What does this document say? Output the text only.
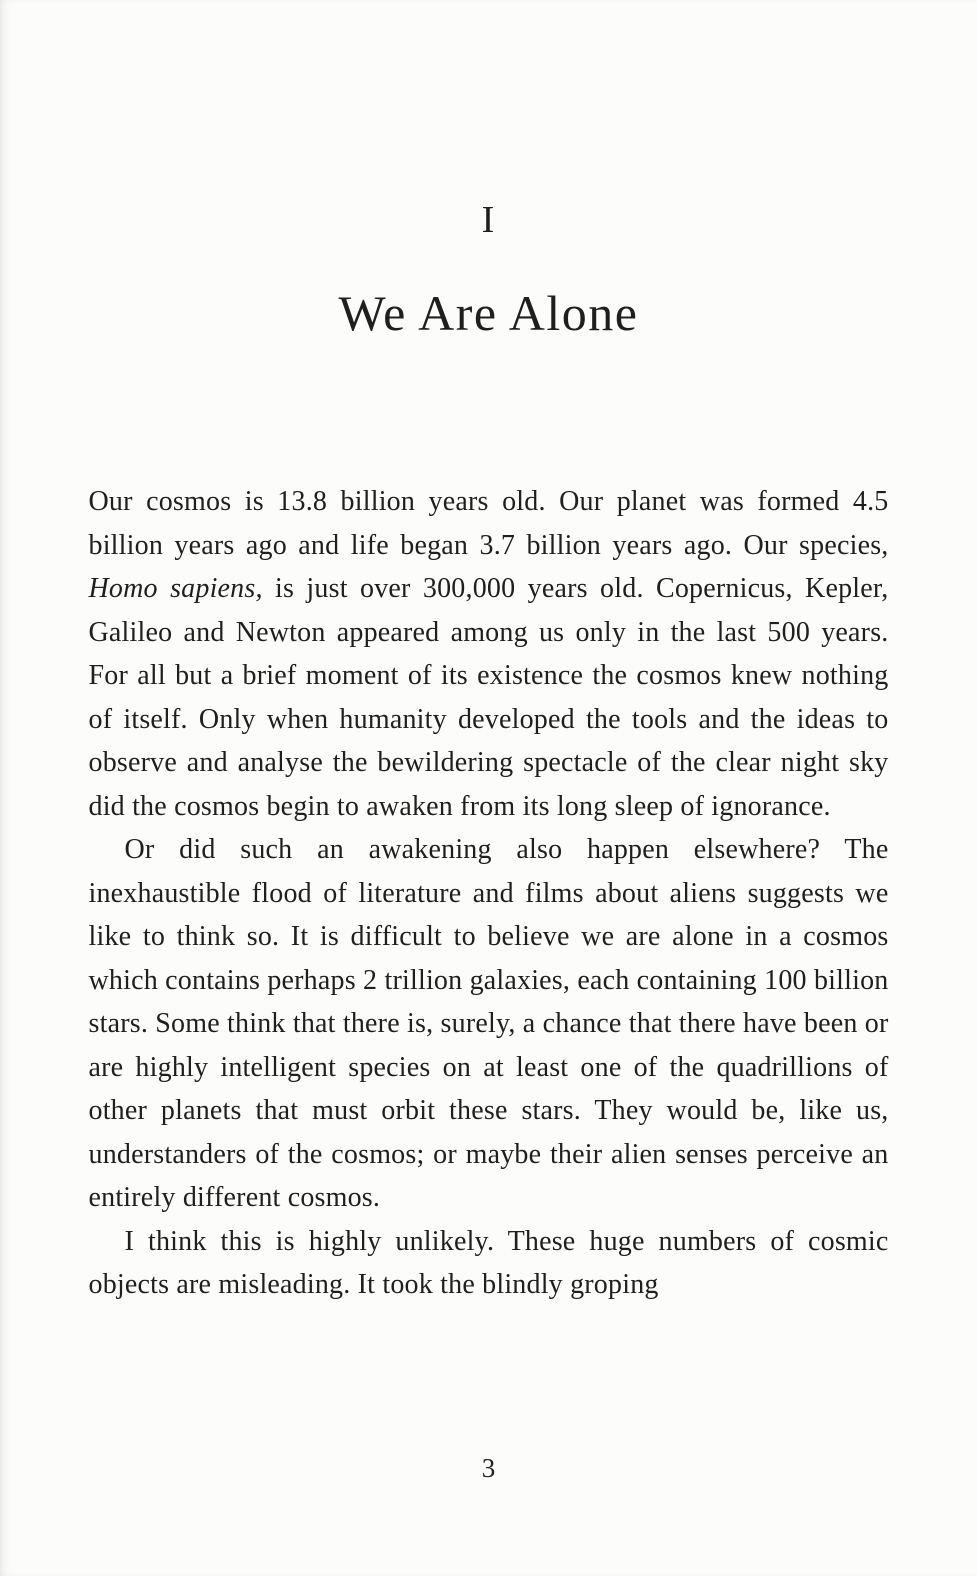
I
We Are Alone

Our cosmos is 13.8 billion years old. Our planet was formed 4.5 billion years ago and life began 3.7 billion years ago. Our species, Homo sapiens, is just over 300,000 years old. Copernicus, Kepler, Galileo and Newton appeared among us only in the last 500 years. For all but a brief moment of its existence the cosmos knew nothing of itself. Only when humanity developed the tools and the ideas to observe and analyse the bewildering spectacle of the clear night sky did the cosmos begin to awaken from its long sleep of ignorance.

Or did such an awakening also happen elsewhere? The inexhaustible flood of literature and films about aliens suggests we like to think so. It is difficult to believe we are alone in a cosmos which contains perhaps 2 trillion galaxies, each containing 100 billion stars. Some think that there is, surely, a chance that there have been or are highly intelligent species on at least one of the quadrillions of other planets that must orbit these stars. They would be, like us, understanders of the cosmos; or maybe their alien senses perceive an entirely different cosmos.

I think this is highly unlikely. These huge numbers of cosmic objects are misleading. It took the blindly groping

3
